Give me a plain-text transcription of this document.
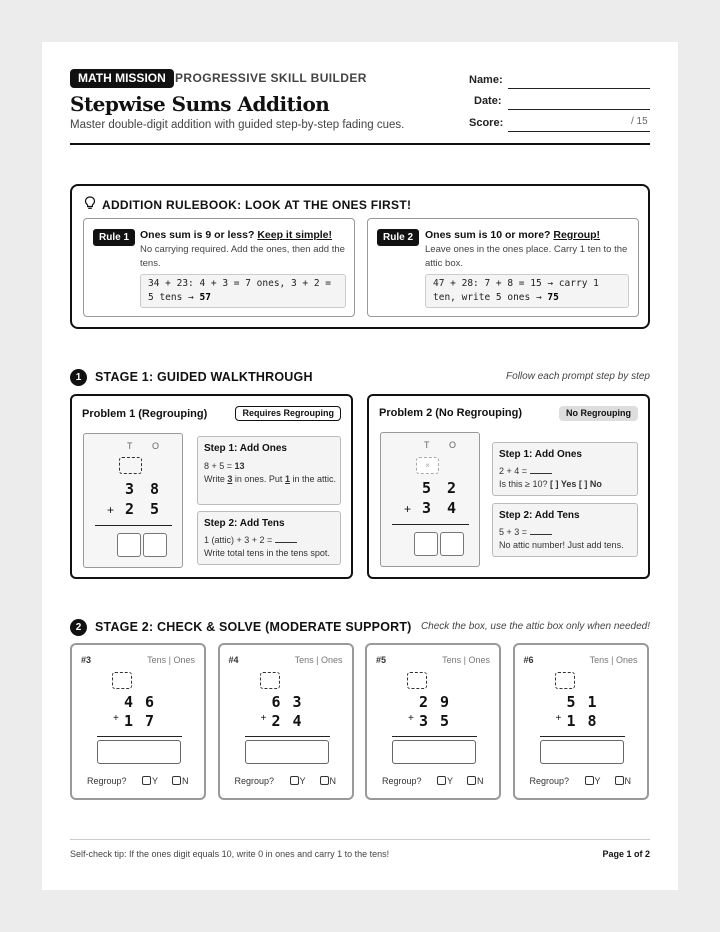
MATH MISSION PROGRESSIVE SKILL BUILDER
Stepwise Sums Addition
Master double-digit addition with guided step-by-step fading cues.
Name:
Date:
Score:	/ 15
ADDITION RULEBOOK: LOOK AT THE ONES FIRST!
Rule 1	Ones sum is 9 or less? Keep it simple!
No carrying required. Add the ones, then add the tens.
34 + 23: 4 + 3 = 7 ones, 3 + 2 =
5 tens → 57
Rule 2	Ones sum is 10 or more? Regroup!
Leave ones in the ones place. Carry 1 ten to the attic box.
47 + 28: 7 + 8 = 15 → carry 1
ten, write 5 ones → 75
1	STAGE 1: GUIDED WALKTHROUGH	Follow each prompt step by step
Problem 1 (Regrouping)	Requires Regrouping
T O
3 8
+ 2 5
Step 1: Add Ones
8 + 5 = 13
Write 3 in ones. Put 1 in the attic.
Step 2: Add Tens
1 (attic) + 3 + 2 =
Write total tens in the tens spot.
Problem 2 (No Regrouping)	No Regrouping
T O
×
5 2
+ 3 4
Step 1: Add Ones
2 + 4 =
Is this ≥ 10? [ ] Yes [ ] No
Step 2: Add Tens
5 + 3 =
No attic number! Just add tens.
2	STAGE 2: CHECK & SOLVE (MODERATE SUPPORT) Check the box, use the attic box only when needed!
#3	Tens | Ones
4 6
+ 1 7
Regroup?	Y	N
#4	Tens | Ones
6 3
+ 2 4
Regroup?	Y	N
#5	Tens | Ones
2 9
+ 3 5
Regroup?	Y	N
#6	Tens | Ones
5 1
+ 1 8
Regroup?	Y	N
Self-check tip: If the ones digit equals 10, write 0 in ones and carry 1 to the tens!	Page 1 of 2
